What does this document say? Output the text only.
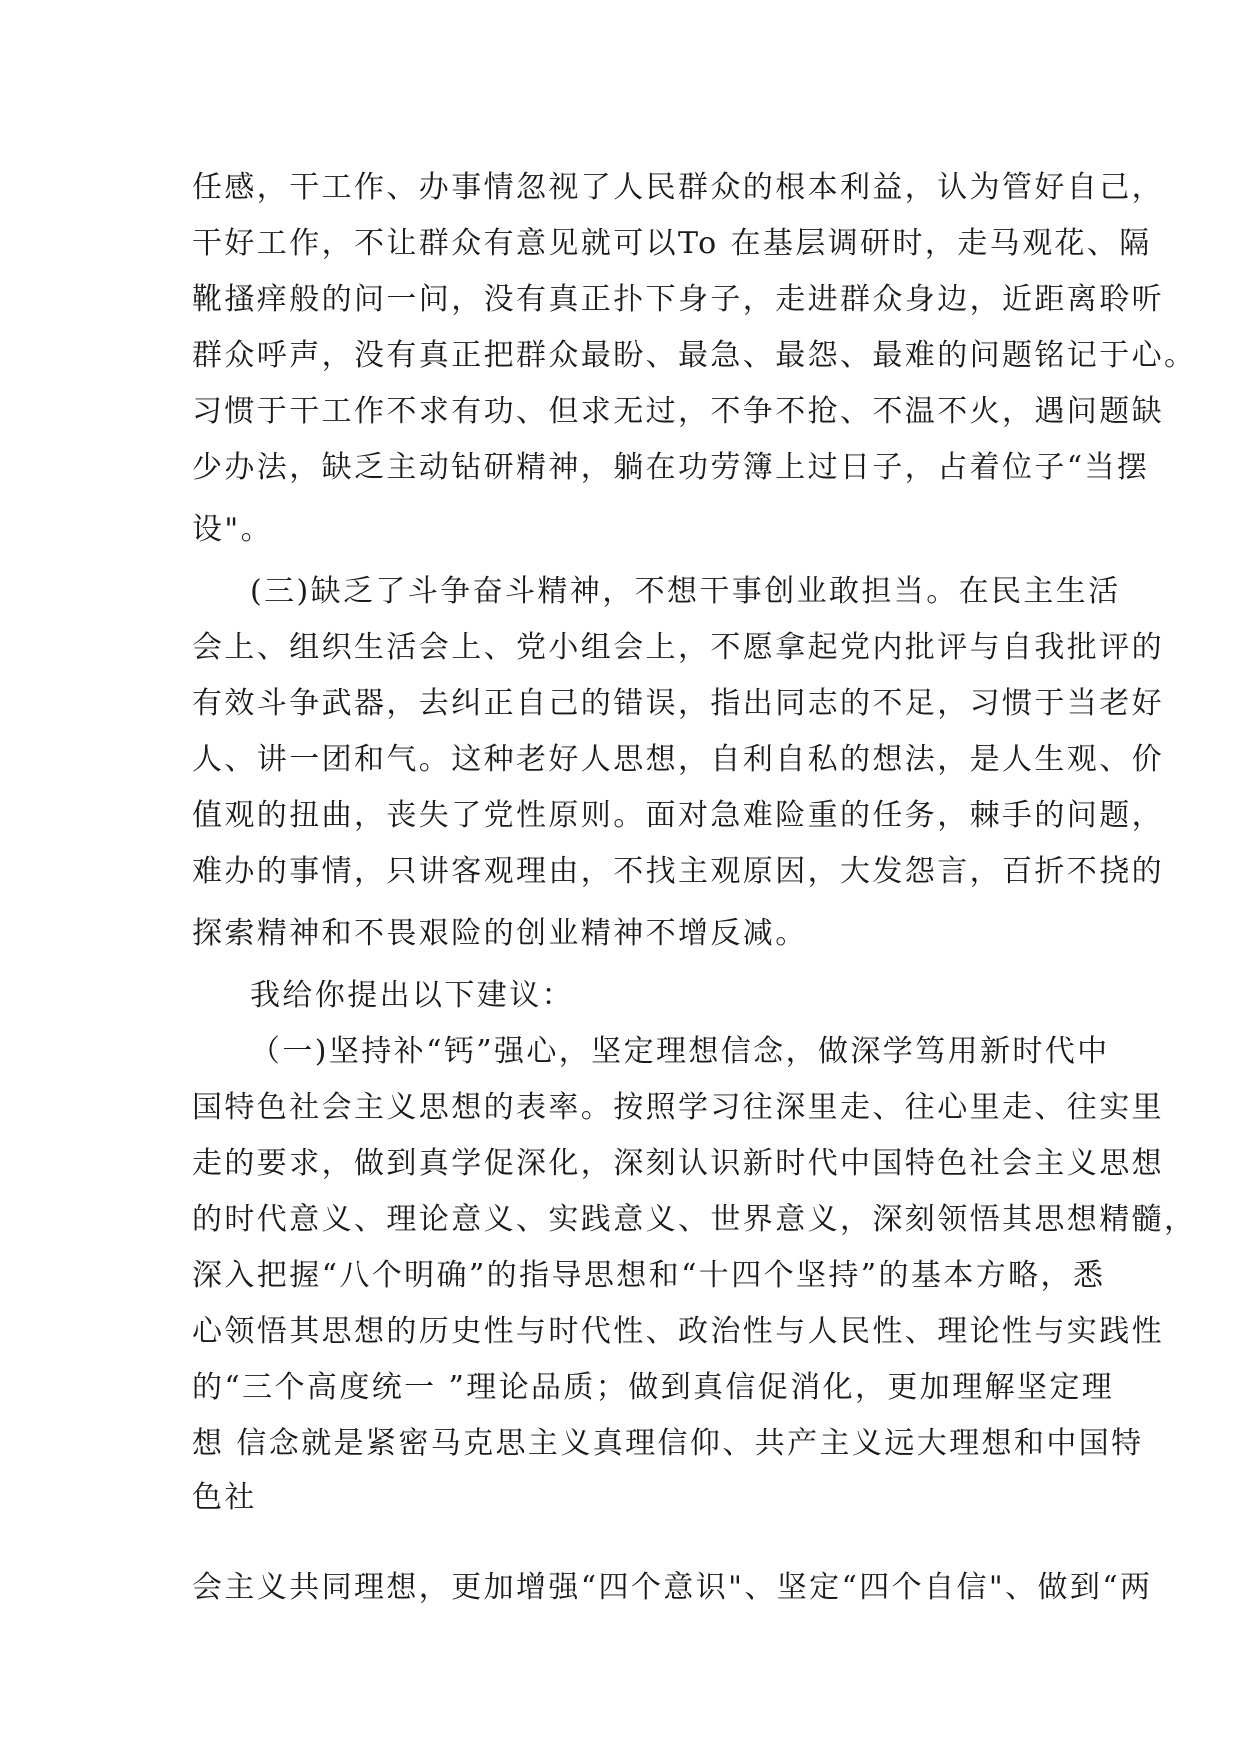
任感，干工作、办事情忽视了人民群众的根本利益，认为管好自己，
干好工作，不让群众有意见就可以To 在基层调研时，走马观花、隔
靴搔痒般的问一问，没有真正扑下身子，走进群众身边，近距离聆听
群众呼声，没有真正把群众最盼、最急、最怨、最难的问题铭记于心。
习惯于干工作不求有功、但求无过，不争不抢、不温不火，遇问题缺
少办法，缺乏主动钻研精神，躺在功劳簿上过日子，占着位子“当摆
设"。
(三)缺乏了斗争奋斗精神，不想干事创业敢担当。在民主生活
会上、组织生活会上、党小组会上，不愿拿起党内批评与自我批评的
有效斗争武器，去纠正自己的错误，指出同志的不足，习惯于当老好
人、讲一团和气。这种老好人思想，自利自私的想法，是人生观、价
值观的扭曲，丧失了党性原则。面对急难险重的任务，棘手的问题，
难办的事情，只讲客观理由，不找主观原因，大发怨言，百折不挠的
探索精神和不畏艰险的创业精神不增反减。
我给你提出以下建议：
（一)坚持补“钙”强心，坚定理想信念，做深学笃用新时代中
国特色社会主义思想的表率。按照学习往深里走、往心里走、往实里
走的要求，做到真学促深化，深刻认识新时代中国特色社会主义思想
的时代意义、理论意义、实践意义、世界意义，深刻领悟其思想精髓，
深入把握“八个明确”的指导思想和“十四个坚持”的基本方略，悉
心领悟其思想的历史性与时代性、政治性与人民性、理论性与实践性
的“三个高度统一 ”理论品质；做到真信促消化，更加理解坚定理
想 信念就是紧密马克思主义真理信仰、共产主义远大理想和中国特
色社
会主义共同理想，更加增强“四个意识"、坚定“四个自信"、做到“两
